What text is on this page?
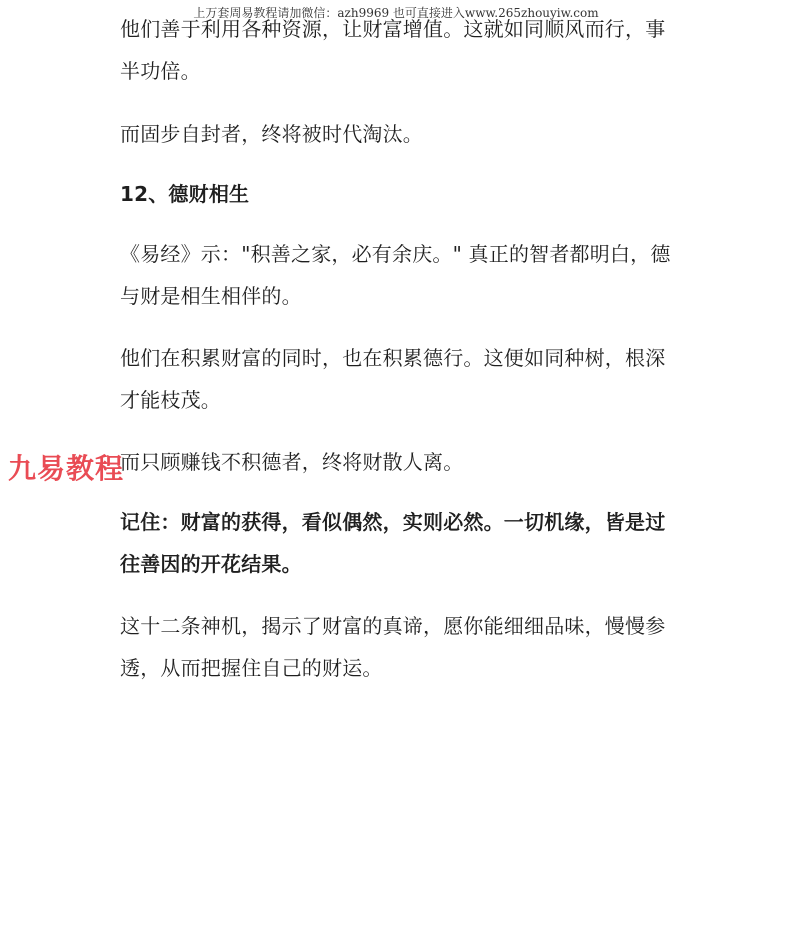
上万套周易教程请加微信：azh9969 也可直接进入www.265zhouyiw.com

他们善于利用各种资源，让财富增值。这就如同顺风而行，事半功倍。

而固步自封者，终将被时代淘汰。

12、德财相生

《易经》示："积善之家，必有余庆。" 真正的智者都明白，德与财是相生相伴的。

他们在积累财富的同时，也在积累德行。这便如同种树，根深才能枝茂。

而只顾赚钱不积德者，终将财散人离。

记住：财富的获得，看似偶然，实则必然。一切机缘，皆是过往善因的开花结果。

这十二条神机，揭示了财富的真谛，愿你能细细品味，慢慢参透，从而把握住自己的财运。

九易教程
